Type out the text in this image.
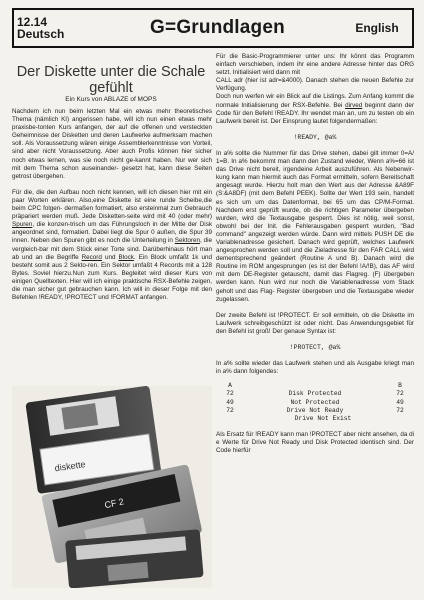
12.14
Deutsch	G=Grundlagen	English
Der Diskette unter die Schale gefühlt
Ein Kurs von ABLAZE of MOPS

Nachdem ich nun beim letzten Mal ein etwas mehr theoretisches Thema (nämlich KI) angerissen habe, will ich nun einen etwas mehr praxisbe-tonten Kurs anfangen, der auf die offenen und versteckten Geheimnisse der Disketten und deren Laufwerke aufmerksam machen soll. Als Voraussetzung wären einige Assemblerkenntnisse von Vorteil, sind aber nicht Voraussetzung. Aber auch Profis können hier sicher noch etwas lernen, was sie noch nicht ge-kannt haben. Nur wer sich mit dem Thema schon auseinander- gesetzt hat, kann diese Seiten getrost übergehen.

Für die, die den Aufbau noch nicht kennen, will ich diesen hier mit ein paar Worten erklären. Also,eine Diskette ist eine runde Scheibe,die beim CPC folgen- dermaßen formatiert, also ersteinmal zum Gebrauch präpariert werden muß. Jede Disketten-seite wird mit 40 (oder mehr) Spuren, die konzen-trisch um das Führungsloch in der Mitte der Disk angeordnet sind, formatiert. Dabei liegt die Spur 0 außen, die Spur 39 innen. Neben den Spuren gibt es noch die Unterteilung in Sektoren, die vergleich-bar mit dem Stück einer Torte sind. Darüberhinaus hört man ab und an die Begriffe Record und Block. Ein Block umfaßt 1k und besteht somit aus 2 Sekto-ren. Ein Sektor umfaßt 4 Records mit a 128 Bytes. Soviel hierzu.Nun zum Kurs. Begleitet wird dieser Kurs von einigen Quelltexten. Hier will ich einige praktische RSX-Befehle zeigen, die man sicher gut gebrauchen kann. Ich will in dieser Folge mit den Befehlen !READY, !PROTECT und !FORMAT anfangen.

diskette
CF 2

Für die Basic-Programmierer unter uns: Ihr könnt das Programm einfach verschieben, indem ihr eine andere Adresse hinter das ORG setzt. Initialisiert wird dann mit
CALL adr (hier ist adr=&4000). Danach stehen die neuen Befehle zur Verfügung.
Doch nun werfen wir ein Blick auf die Listings. Zum Anfang kommt die normale Initialisierung der RSX-Befehle. Bei dirved beginnt dann der Code für den Befehl !READY. Ihr wendet man an, um zu testen ob ein Laufwerk bereit ist. Der Einsprung lautet folgendermaßen:

!READY, @a%

In a% sollte die Nummer für das Drive stehen, dabei gilt immer 0=A/ 1=B. In a% bekommt man dann den Zustand wieder, Wenn a%=66 ist das Drive nicht bereit, irgendeine Arbeit auszuführen. Als Nebenwir-kung kann man hiermit auch das Format ermitteln, sofern Bereitschaft angesagt wurde. Hierzu holt man den Wert aus der Adresse &A89F (S:&A8DF) (mit dem Befehl PEEK). Sollte der Wert 193 sein, handelt es sich um um das Datenformat, bei 65 um das CP/M-Format. Nachdem erst geprüft wurde, ob die richtigen Parameter übergeben wurden, wird die Textausgabe gesperrt. Dies ist nötig, weil sonst, obwohl bei der Init. die Fehlerausgaben gesperrt wurden, "Bad command" angezeigt werden würde. Dann wird mittels PUSH DE die Variablenadresse gesichert. Danach wird geprüft, welches Laufwerk angesprochen werden soll und die Zieladresse für den FAR CALL wird dementsprechend geändert (Routine A und B). Danach wird die Routine im ROM angesprungen (es ist der Befehl !A/!B), das AF wird mit dem DE-Register getauscht, damit das Flagreg. (F) übergeben werden kann. Nun wird nur noch die Variablenadresse vom Stack geholt und das Flag- Register übergeben und die Textausgabe wieder zugelassen.

Der zweite Befehl ist !PROTECT. Er soll ermitteln, ob die Diskette im Laufwerk schreibgeschützt ist oder nicht. Das Anwendungsgebiet für den Befehl ist groß! Der genaue Syntax ist:

!PROTECT, @a%

In a% sollte wieder das Laufwerk stehen und als Ausgabe kriegt man in a% dann folgendes:

A		B
72	Disk Protected	72
49	Not Protected	49
72	Drive Not Ready	72
	Drive Not Exist	

Als Ersatz für !READY kann man !PROTECT aber nicht ansehen, da di e Werte für Drive Not Ready und Disk Protected identisch sind. Der Code hierfür
